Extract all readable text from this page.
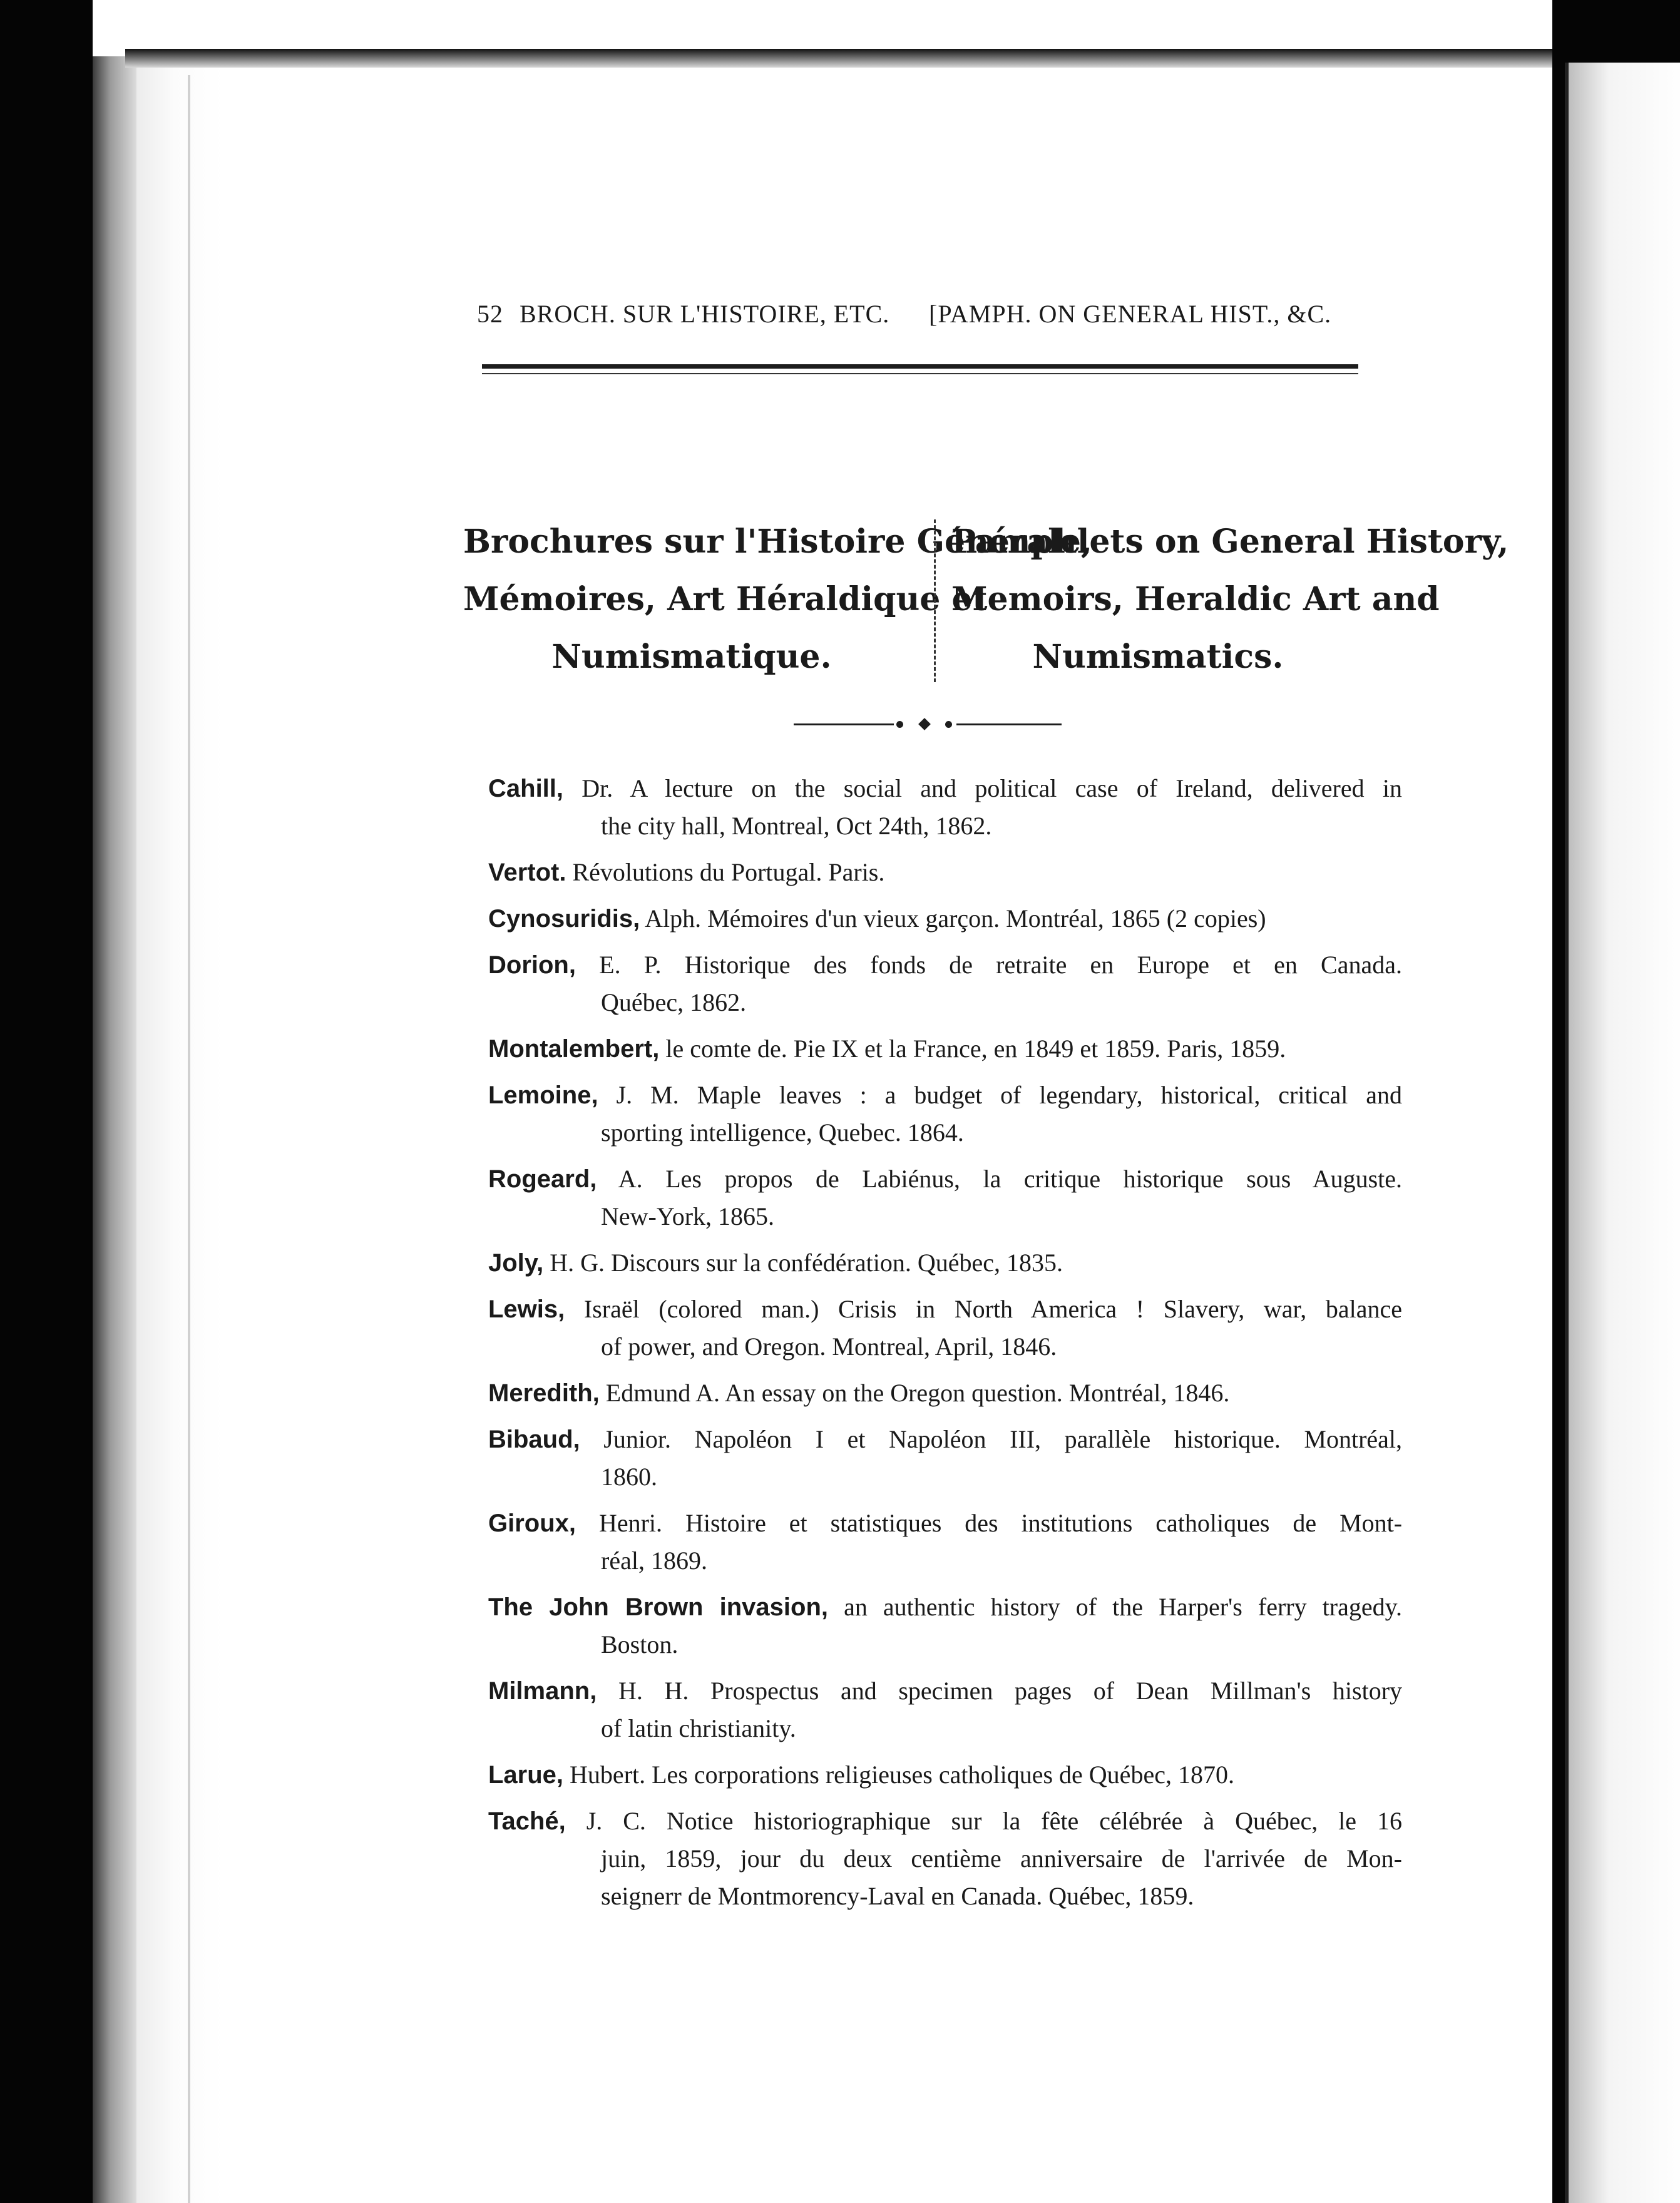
52 BROCH. SUR L'HISTOIRE, ETC. [PAMPH. ON GENERAL HIST., &C.
Brochures sur l'Histoire Générale,
Mémoires, Art Héraldique et
Numismatique.
Pamphlets on General History,
Memoirs, Heraldic Art and
Numismatics.
Cahill, Dr. A lecture on the social and political case of Ireland, delivered in
the city hall, Montreal, Oct 24th, 1862.
Vertot. Révolutions du Portugal. Paris.
Cynosuridis, Alph. Mémoires d'un vieux garçon. Montréal, 1865 (2 copies)
Dorion, E. P. Historique des fonds de retraite en Europe et en Canada.
Québec, 1862.
Montalembert, le comte de. Pie IX et la France, en 1849 et 1859. Paris, 1859.
Lemoine, J. M. Maple leaves : a budget of legendary, historical, critical and
sporting intelligence, Quebec. 1864.
Rogeard, A. Les propos de Labiénus, la critique historique sous Auguste.
New-York, 1865.
Joly, H. G. Discours sur la confédération. Québec, 1835.
Lewis, Israël (colored man.) Crisis in North America ! Slavery, war, balance
of power, and Oregon. Montreal, April, 1846.
Meredith, Edmund A. An essay on the Oregon question. Montréal, 1846.
Bibaud, Junior. Napoléon I et Napoléon III, parallèle historique. Montréal,
1860.
Giroux, Henri. Histoire et statistiques des institutions catholiques de Mont-
réal, 1869.
The John Brown invasion, an authentic history of the Harper's ferry tragedy.
Boston.
Milmann, H. H. Prospectus and specimen pages of Dean Millman's history
of latin christianity.
Larue, Hubert. Les corporations religieuses catholiques de Québec, 1870.
Taché, J. C. Notice historiographique sur la fête célébrée à Québec, le 16
juin, 1859, jour du deux centième anniversaire de l'arrivée de Mon-
seignerr de Montmorency-Laval en Canada. Québec, 1859.
